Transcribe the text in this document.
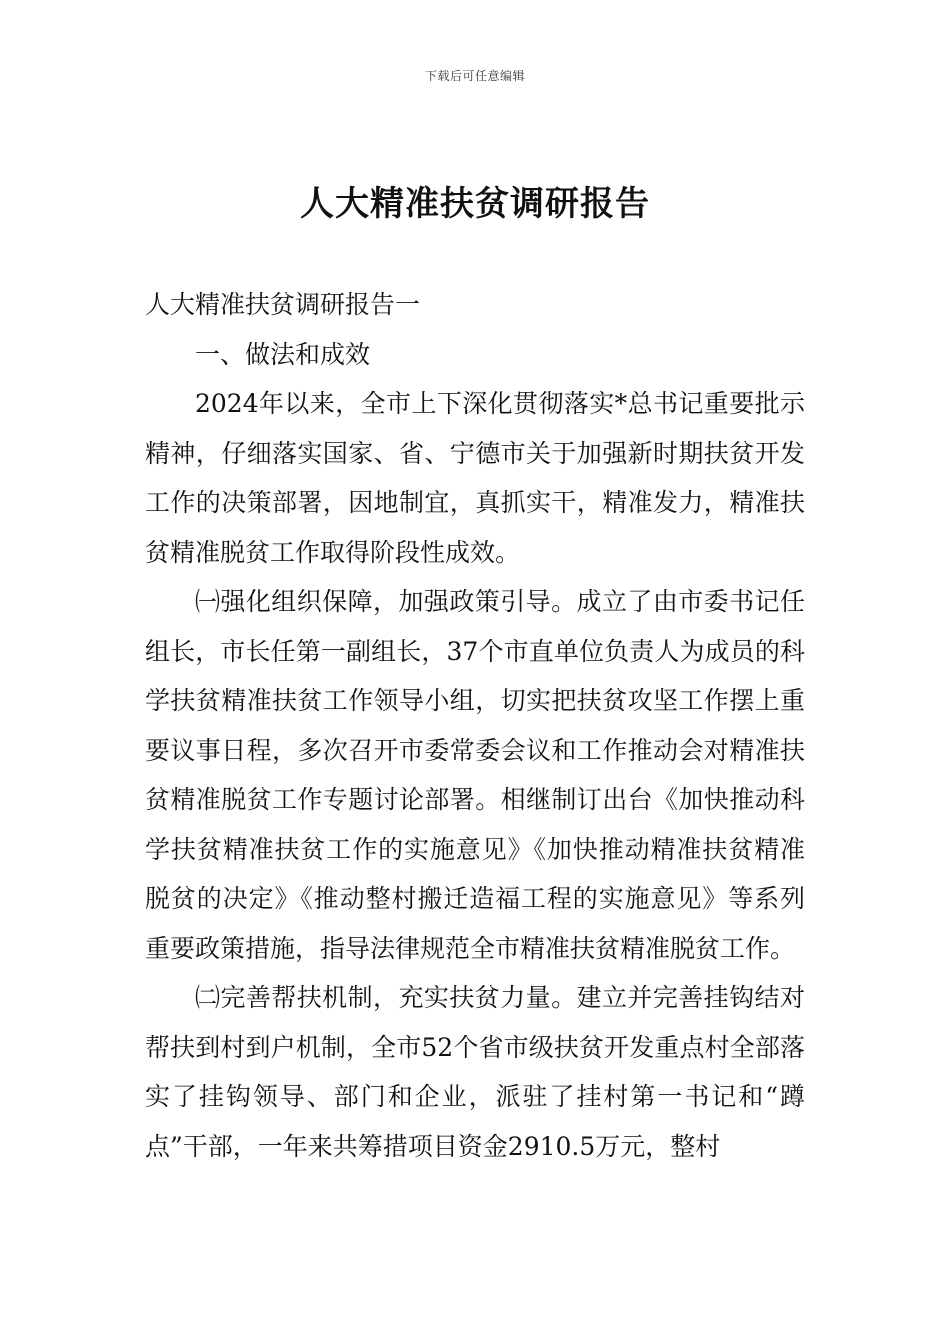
下载后可任意编辑
人大精准扶贫调研报告

人大精准扶贫调研报告一

一、做法和成效

2024年以来，全市上下深化贯彻落实*总书记重要批示精神，仔细落实国家、省、宁德市关于加强新时期扶贫开发工作的决策部署，因地制宜，真抓实干，精准发力，精准扶贫精准脱贫工作取得阶段性成效。

㈠强化组织保障，加强政策引导。成立了由市委书记任组长，市长任第一副组长，37个市直单位负责人为成员的科学扶贫精准扶贫工作领导小组，切实把扶贫攻坚工作摆上重要议事日程，多次召开市委常委会议和工作推动会对精准扶贫精准脱贫工作专题讨论部署。相继制订出台《加快推动科学扶贫精准扶贫工作的实施意见》《加快推动精准扶贫精准脱贫的决定》《推动整村搬迁造福工程的实施意见》等系列重要政策措施，指导法律规范全市精准扶贫精准脱贫工作。

㈡完善帮扶机制，充实扶贫力量。建立并完善挂钩结对帮扶到村到户机制，全市52个省市级扶贫开发重点村全部落实了挂钩领导、部门和企业，派驻了挂村第一书记和“蹲点”干部，一年来共筹措项目资金2910.5万元，整村
